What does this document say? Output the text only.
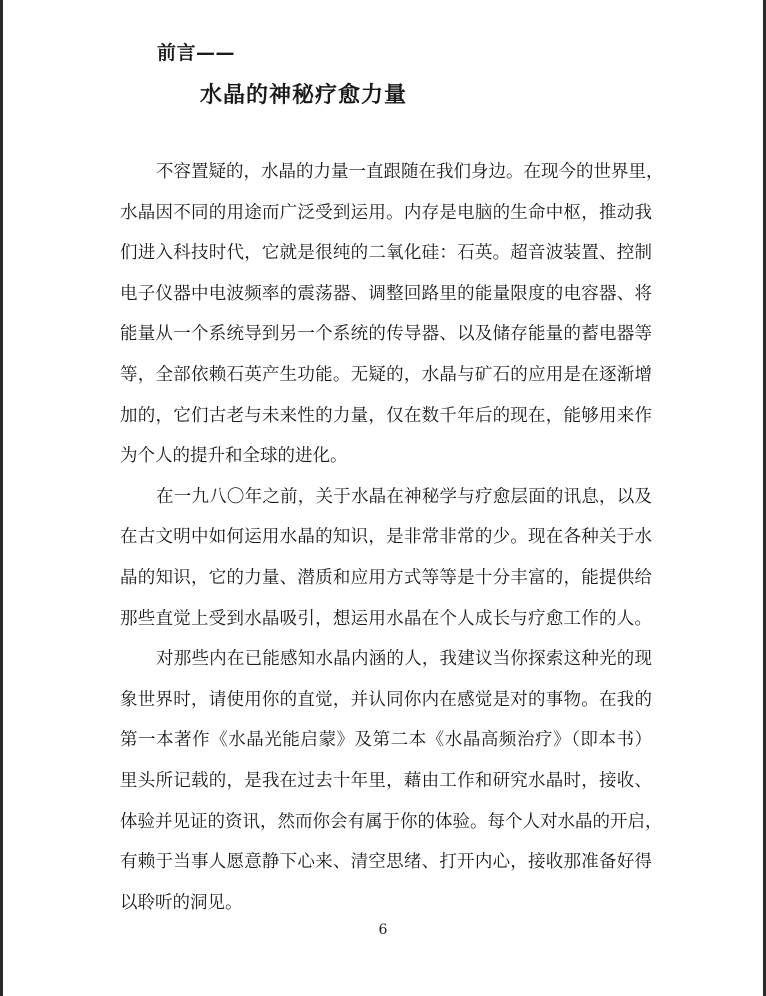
前言——
水晶的神秘疗愈力量
不容置疑的，水晶的力量一直跟随在我们身边。在现今的世界里，
水晶因不同的用途而广泛受到运用。内存是电脑的生命中枢，推动我
们进入科技时代，它就是很纯的二氧化硅：石英。超音波装置、控制
电子仪器中电波频率的震荡器、调整回路里的能量限度的电容器、将
能量从一个系统导到另一个系统的传导器、以及储存能量的蓄电器等
等，全部依赖石英产生功能。无疑的，水晶与矿石的应用是在逐渐增
加的，它们古老与未来性的力量，仅在数千年后的现在，能够用来作
为个人的提升和全球的进化。
在一九八〇年之前，关于水晶在神秘学与疗愈层面的讯息，以及
在古文明中如何运用水晶的知识，是非常非常的少。现在各种关于水
晶的知识，它的力量、潜质和应用方式等等是十分丰富的，能提供给
那些直觉上受到水晶吸引，想运用水晶在个人成长与疗愈工作的人。
对那些内在已能感知水晶内涵的人，我建议当你探索这种光的现
象世界时，请使用你的直觉，并认同你内在感觉是对的事物。在我的
第一本著作《水晶光能启蒙》及第二本《水晶高频治疗》（即本书）
里头所记载的，是我在过去十年里，藉由工作和研究水晶时，接收、
体验并见证的资讯，然而你会有属于你的体验。每个人对水晶的开启，
有赖于当事人愿意静下心来、清空思绪、打开内心，接收那准备好得
以聆听的洞见。
6
